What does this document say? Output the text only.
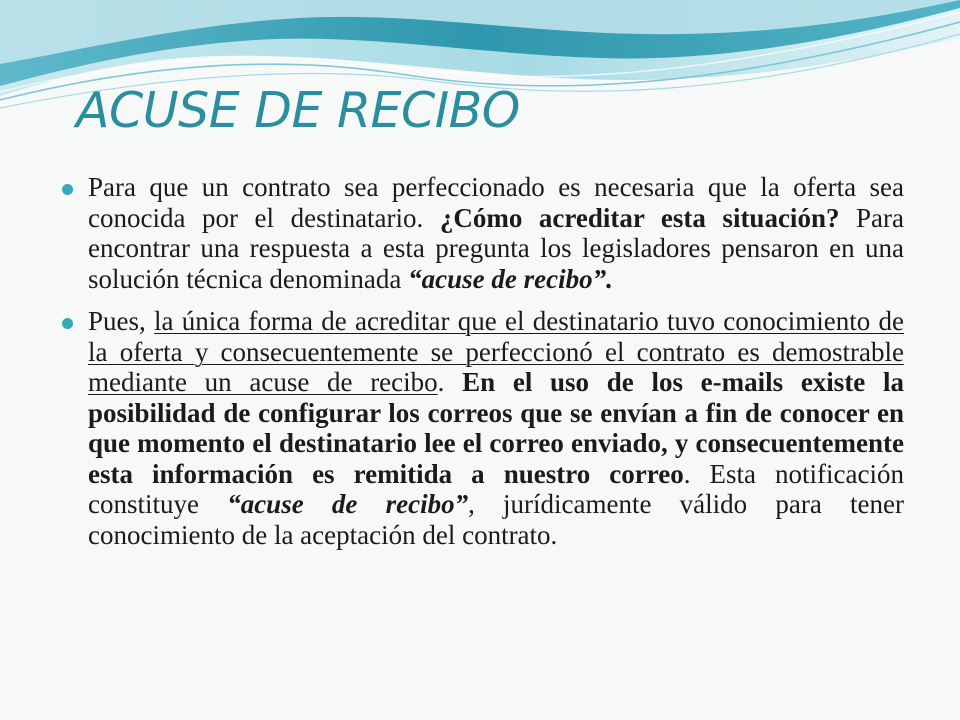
ACUSE DE RECIBO

Para que un contrato sea perfeccionado es necesaria que la oferta sea conocida por el destinatario. ¿Cómo acreditar esta situación? Para encontrar una respuesta a esta pregunta los legisladores pensaron en una solución técnica denominada “acuse de recibo”.

Pues, la única forma de acreditar que el destinatario tuvo conocimiento de la oferta y consecuentemente se perfeccionó el contrato es demostrable mediante un acuse de recibo. En el uso de los e-mails existe la posibilidad de configurar los correos que se envían a fin de conocer en que momento el destinatario lee el correo enviado, y consecuentemente esta información es remitida a nuestro correo. Esta notificación constituye “acuse de recibo”, jurídicamente válido para tener conocimiento de la aceptación del contrato.
